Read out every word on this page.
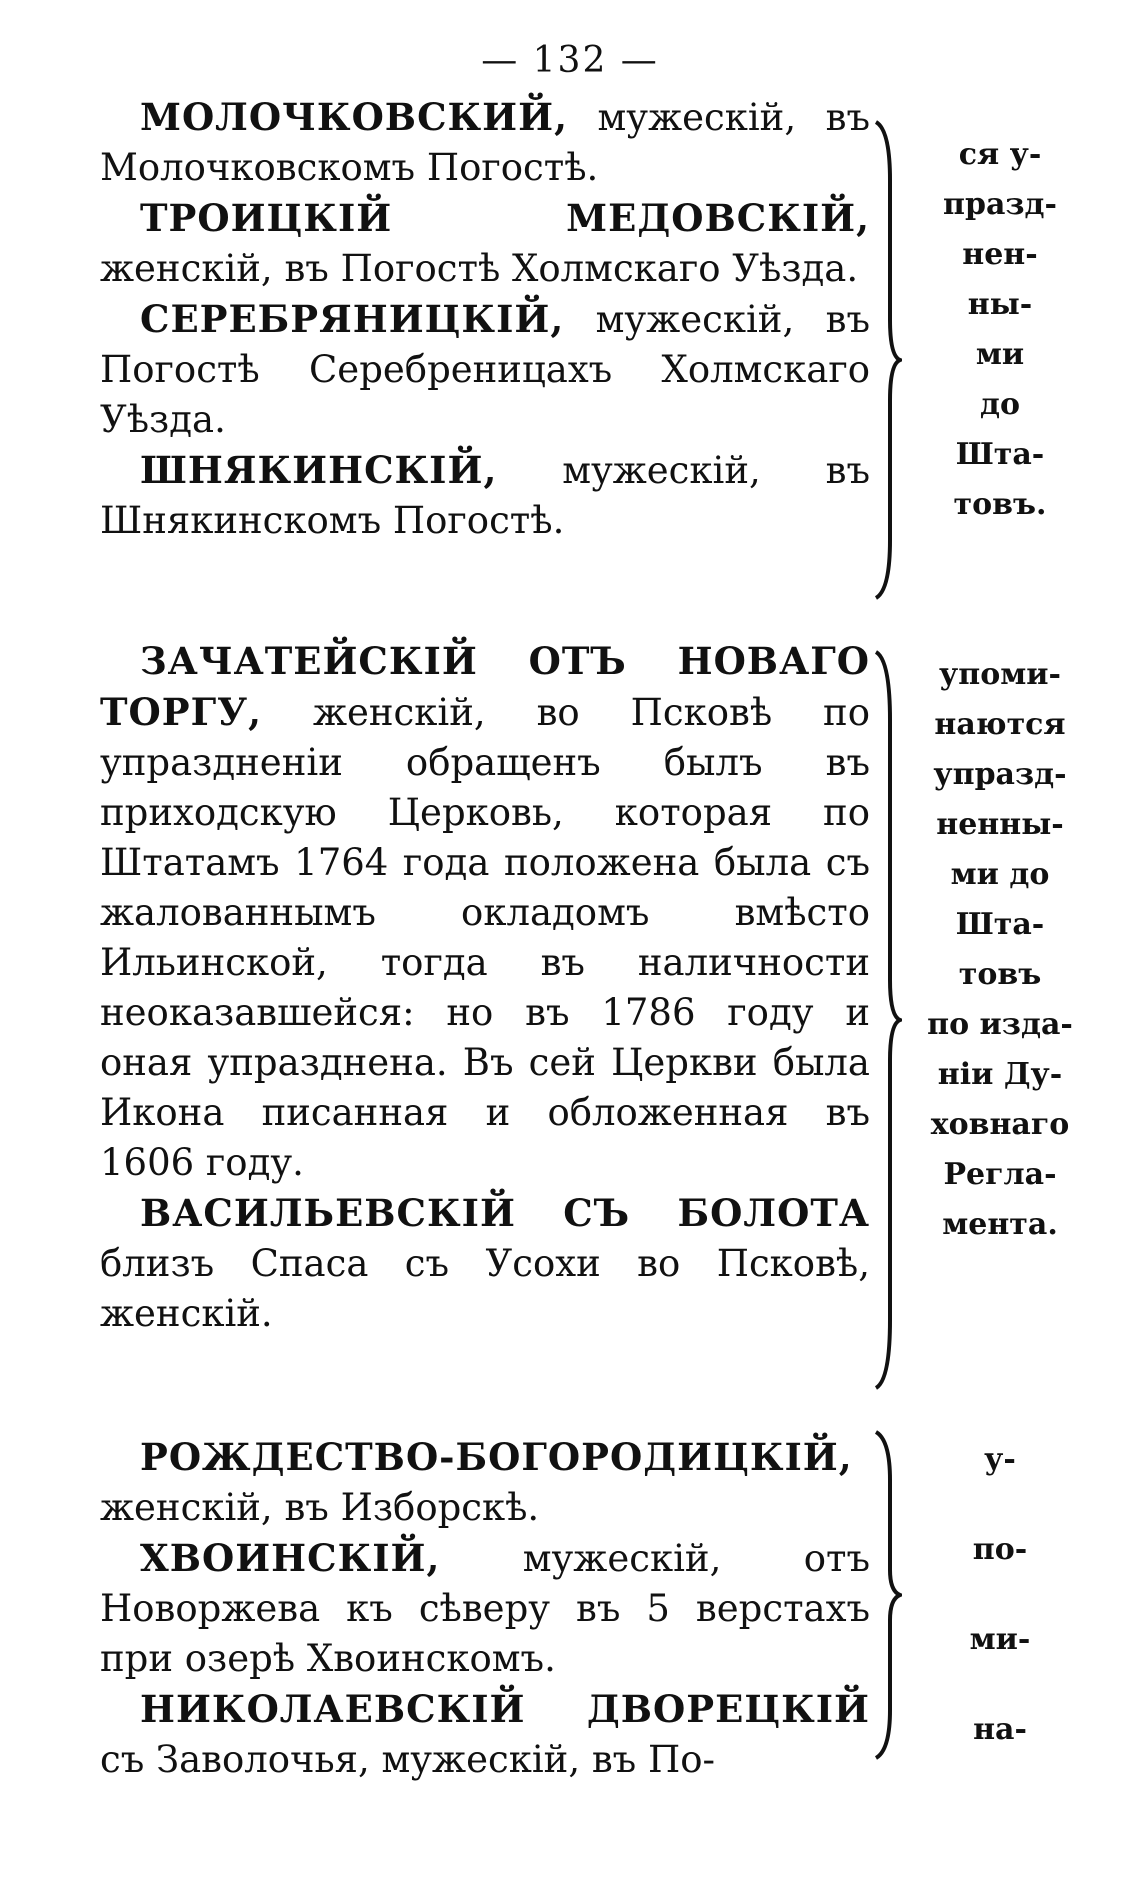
— 132 —

МОЛОЧКОВСКИЙ, мужескій, въ Молочковскомъ Погостѣ.

ТРОИЦКІЙ МЕДОВСКІЙ, женскій, въ Погостѣ Холмскаго Уѣзда.

СЕРЕБРЯНИЦКІЙ, мужескій, въ Погостѣ Серебреницахъ Холмскаго Уѣзда.

ШНЯКИНСКІЙ, мужескій, въ Шнякинскомъ Погостѣ.

ся у-
празд-
нен-
ны-
ми
до
Шта-
товъ.

ЗАЧАТЕЙСКІЙ ОТЪ НОВАГО ТОРГУ, женскій, во Псковѣ по упраздненіи обращенъ былъ въ приходскую Церковь, которая по Штатамъ 1764 года положена была съ жалованнымъ окладомъ вмѣсто Ильинской, тогда въ наличности неоказавшейся: но въ 1786 году и оная упразднена. Въ сей Церкви была Икона писанная и обложенная въ 1606 году.

ВАСИЛЬЕВСКІЙ СЪ БОЛОТА близъ Спаса съ Усохи во Псковѣ, женскій.

упоми-
наются
упразд-
ненны-
ми до
Шта-
товъ
по изда-
ніи Ду-
ховнаго
Регла-
мента.

РОЖДЕСТВО-БОГОРОДИЦКІЙ, женскій, въ Изборскѣ.

ХВОИНСКІЙ, мужескій, отъ Новоржева къ сѣверу въ 5 верстахъ при озерѣ Хвоинскомъ.

НИКОЛАЕВСКІЙ ДВОРЕЦКІЙ съ Заволочья, мужескій, въ По-

у-
по-
ми-
на-
